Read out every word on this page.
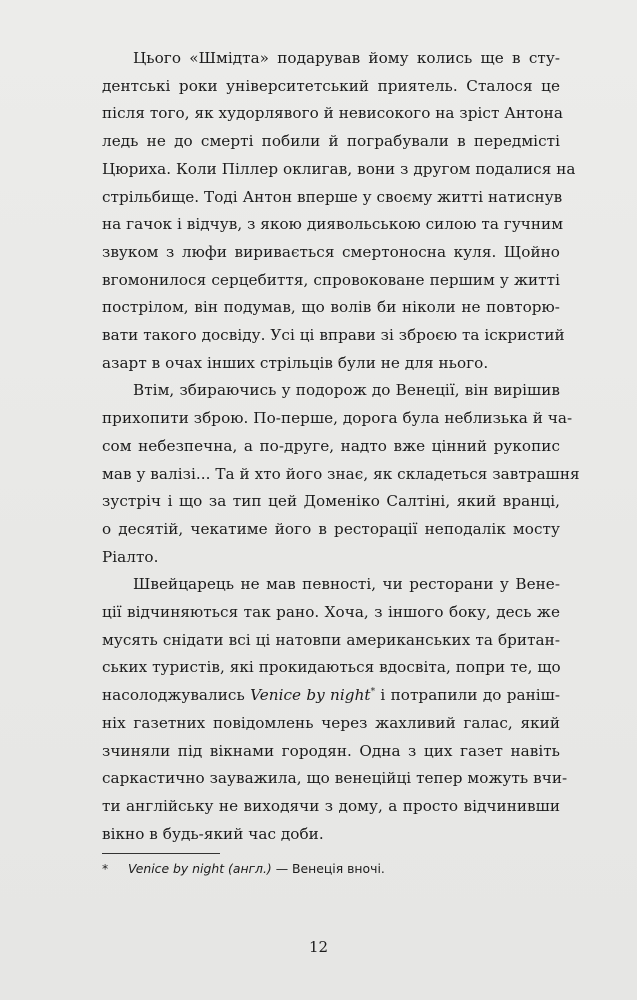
Цього «Шмідта» подарував йому колись ще в сту-
дентські роки університетський приятель. Сталося це
після того, як худорлявого й невисокого на зріст Антона
ледь не до смерті побили й пограбували в передмісті
Цюриха. Коли Піллер оклигав, вони з другом подалися на
стрільбище. Тоді Антон вперше у своєму житті натиснув
на гачок і відчув, з якою диявольською силою та гучним
звуком з люфи виривається смертоносна куля. Щойно
вгомонилося серцебиття, спровоковане першим у житті
пострілом, він подумав, що волів би ніколи не повторю-
вати такого досвіду. Усі ці вправи зі зброєю та іскристий
азарт в очах інших стрільців були не для нього.

Втім, збираючись у подорож до Венеції, він вирішив
прихопити зброю. По-перше, дорога була неблизька й ча-
сом небезпечна, а по-друге, надто вже цінний рукопис
мав у валізі... Та й хто його знає, як складеться завтрашня
зустріч і що за тип цей Доменіко Салтіні, який вранці,
о десятій, чекатиме його в ресторації неподалік мосту
Ріалто.

Швейцарець не мав певності, чи ресторани у Вене-
ції відчиняються так рано. Хоча, з іншого боку, десь же
мусять снідати всі ці натовпи американських та британ-
ських туристів, які прокидаються вдосвіта, попри те, що
насолоджувались Venice by night* і потрапили до раніш-
ніх газетних повідомлень через жахливий галас, який
зчиняли під вікнами городян. Одна з цих газет навіть
саркастично зауважила, що венеційці тепер можуть вчи-
ти англійську не виходячи з дому, а просто відчинивши
вікно в будь-який час доби.

* Venice by night (англ.) — Венеція вночі.
12
